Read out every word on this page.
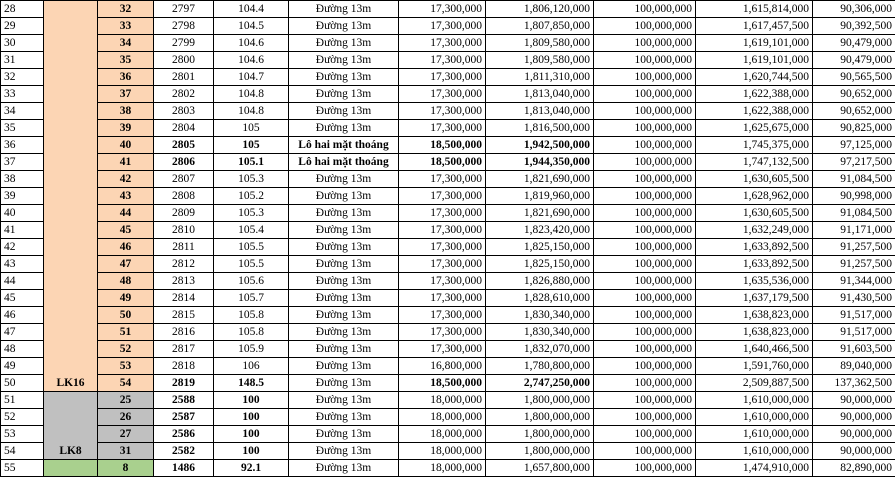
28	LK16	32	2797	104.4	Đường 13m	17,300,000	1,806,120,000	100,000,000	1,615,814,000	90,306,000
29		33	2798	104.5	Đường 13m	17,300,000	1,807,850,000	100,000,000	1,617,457,500	90,392,500
30		34	2799	104.6	Đường 13m	17,300,000	1,809,580,000	100,000,000	1,619,101,000	90,479,000
31		35	2800	104.6	Đường 13m	17,300,000	1,809,580,000	100,000,000	1,619,101,000	90,479,000
32		36	2801	104.7	Đường 13m	17,300,000	1,811,310,000	100,000,000	1,620,744,500	90,565,500
33		37	2802	104.8	Đường 13m	17,300,000	1,813,040,000	100,000,000	1,622,388,000	90,652,000
34		38	2803	104.8	Đường 13m	17,300,000	1,813,040,000	100,000,000	1,622,388,000	90,652,000
35		39	2804	105	Đường 13m	17,300,000	1,816,500,000	100,000,000	1,625,675,000	90,825,000
36		40	2805	105	Lô hai mặt thoáng	18,500,000	1,942,500,000	100,000,000	1,745,375,000	97,125,000
37		41	2806	105.1	Lô hai mặt thoáng	18,500,000	1,944,350,000	100,000,000	1,747,132,500	97,217,500
38		42	2807	105.3	Đường 13m	17,300,000	1,821,690,000	100,000,000	1,630,605,500	91,084,500
39		43	2808	105.2	Đường 13m	17,300,000	1,819,960,000	100,000,000	1,628,962,000	90,998,000
40		44	2809	105.3	Đường 13m	17,300,000	1,821,690,000	100,000,000	1,630,605,500	91,084,500
41		45	2810	105.4	Đường 13m	17,300,000	1,823,420,000	100,000,000	1,632,249,000	91,171,000
42		46	2811	105.5	Đường 13m	17,300,000	1,825,150,000	100,000,000	1,633,892,500	91,257,500
43		47	2812	105.5	Đường 13m	17,300,000	1,825,150,000	100,000,000	1,633,892,500	91,257,500
44		48	2813	105.6	Đường 13m	17,300,000	1,826,880,000	100,000,000	1,635,536,000	91,344,000
45		49	2814	105.7	Đường 13m	17,300,000	1,828,610,000	100,000,000	1,637,179,500	91,430,500
46		50	2815	105.8	Đường 13m	17,300,000	1,830,340,000	100,000,000	1,638,823,000	91,517,000
47		51	2816	105.8	Đường 13m	17,300,000	1,830,340,000	100,000,000	1,638,823,000	91,517,000
48		52	2817	105.9	Đường 13m	17,300,000	1,832,070,000	100,000,000	1,640,466,500	91,603,500
49		53	2818	106	Đường 13m	16,800,000	1,780,800,000	100,000,000	1,591,760,000	89,040,000
50		54	2819	148.5	Đường 13m	18,500,000	2,747,250,000	100,000,000	2,509,887,500	137,362,500
51	LK8	25	2588	100	Đường 13m	18,000,000	1,800,000,000	100,000,000	1,610,000,000	90,000,000
52		26	2587	100	Đường 13m	18,000,000	1,800,000,000	100,000,000	1,610,000,000	90,000,000
53		27	2586	100	Đường 13m	18,000,000	1,800,000,000	100,000,000	1,610,000,000	90,000,000
54		31	2582	100	Đường 13m	18,000,000	1,800,000,000	100,000,000	1,610,000,000	90,000,000
55		8	1486	92.1	Đường 13m	18,000,000	1,657,800,000	100,000,000	1,474,910,000	82,890,000
